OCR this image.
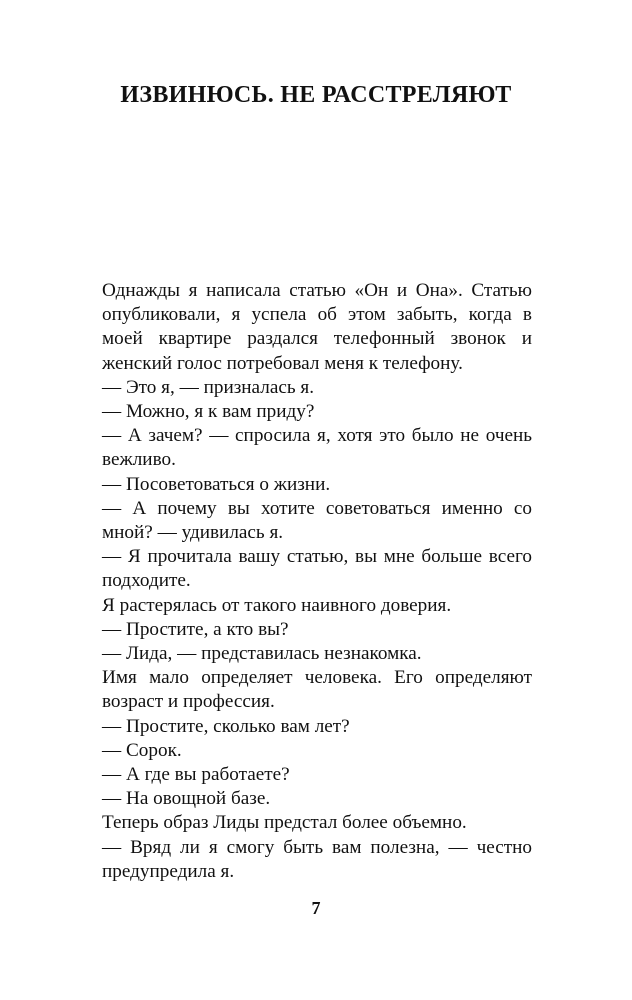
ИЗВИНЮСЬ. НЕ РАССТРЕЛЯЮТ

Однажды я написала статью «Он и Она». Статью опубликовали, я успела об этом забыть, когда в моей квартире раздался телефонный звонок и женский голос потребовал меня к телефону.

— Это я, — призналась я.

— Можно, я к вам приду?

— А зачем? — спросила я, хотя это было не очень вежливо.

— Посоветоваться о жизни.

— А почему вы хотите советоваться именно со мной? — удивилась я.

— Я прочитала вашу статью, вы мне больше всего подходите.

Я растерялась от такого наивного доверия.

— Простите, а кто вы?

— Лида, — представилась незнакомка.

Имя мало определяет человека. Его определяют возраст и профессия.

— Простите, сколько вам лет?

— Сорок.

— А где вы работаете?

— На овощной базе.

Теперь образ Лиды предстал более объемно.

— Вряд ли я смогу быть вам полезна, — честно предупредила я.

7
